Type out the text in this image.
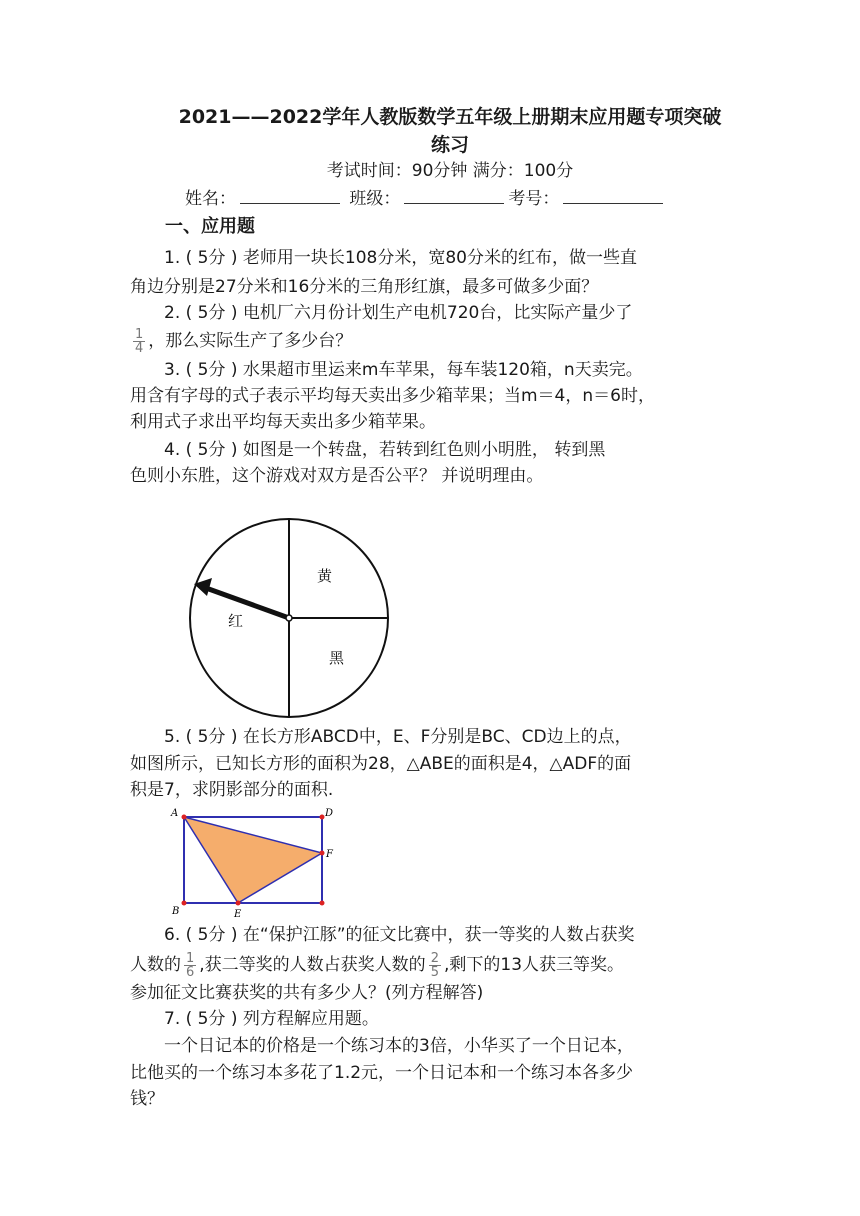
2021——2022学年人教版数学五年级上册期末应用题专项突破
练习
考试时间：90分钟 满分：100分
姓名：	班级：	考号：
一、应用题
1. ( 5分 ) 老师用一块长108分米，宽80分米的红布，做一些直
角边分别是27分米和16分米的三角形红旗，最多可做多少面？
2. ( 5分 ) 电机厂六月份计划生产电机720台，比实际产量少了
$\frac{1}{4}$ ，那么实际生产了多少台？
3. ( 5分 ) 水果超市里运来m车苹果，每车装120箱，n天卖完。
用含有字母的式子表示平均每天卖出多少箱苹果；当m＝4，n＝6时，
利用式子求出平均每天卖出多少箱苹果。
4. ( 5分 ) 如图是一个转盘，若转到红色则小明胜， 转到黑
色则小东胜，这个游戏对双方是否公平？ 并说明理由。
黄
红
黑
5. ( 5分 ) 在长方形ABCD中，E、F分别是BC、CD边上的点，
如图所示，已知长方形的面积为28，△ABE的面积是4，△ADF的面
积是7，求阴影部分的面积.
A	D
B	E
F
6. ( 5分 ) 在“保护江豚”的征文比赛中，获一等奖的人数占获奖
人数的 $\frac{1}{6}$ ,获二等奖的人数占获奖人数的 $\frac{2}{5}$ ,剩下的13人获三等奖。
参加征文比赛获奖的共有多少人？(列方程解答)
7. ( 5分 ) 列方程解应用题。
一个日记本的价格是一个练习本的3倍，小华买了一个日记本，
比他买的一个练习本多花了1.2元，一个日记本和一个练习本各多少
钱？
